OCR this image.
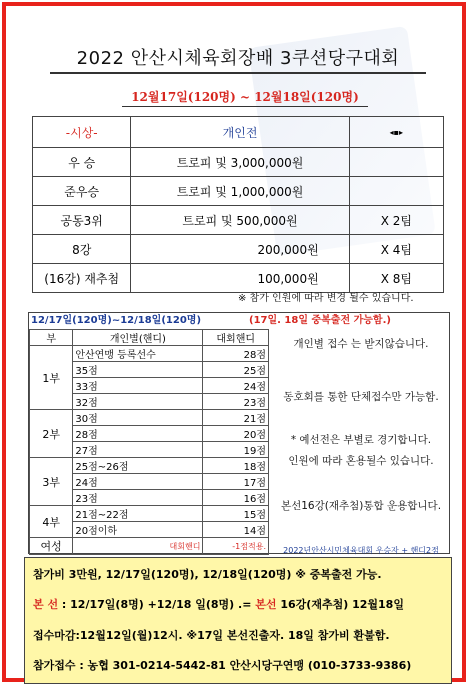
2022 안산시체육회장배 3쿠션당구대회
12월17일(120명) ~ 12월18일(120명)
-시상-	개인전	◂▪▸
우 승	트로피 및 3,000,000원	
준우승	트로피 및 1,000,000원	
공동3위	트로피 및 500,000원	X 2팀
8강	200,000원	X 4팀
(16강) 재추첨	100,000원	X 8팀
※ 참가 인원에 따라 변경 될수 있습니다.
12/17일(120명)~12/18일(120명)	(17일. 18일 중복출전 가능함.)
부	개인별(핸디)	대회핸디
1부	안산연맹 등록선수	28점
	35점	25점
	33점	24점
	32점	23점
2부	30점	21점
	28점	20점
	27점	19점
3부	25점~26점	18점
	24점	17점
	23점	16점
4부	21점~22점	15점
	20점이하	14점
여성	대회핸디	-1점적용.
개인별 접수 는 받지않습니다.
동호회를 통한 단체접수만 가능함.
* 예선전은 부별로 경기합니다.
인원에 따라 혼용될수 있습니다.
본선16강(재추첨)통합 운용합니다.
2022년안산시민체육대회 우승자 + 핸디2점
참가비 3만원, 12/17일(120명), 12/18일(120명) ※ 중복출전 가능.
본 선 : 12/17일(8명) +12/18 일(8명) .= 본선 16강(재추첨) 12월18일
접수마감:12월12일(월)12시. ※17일 본선진출자. 18일 참가비 환불함.
참가접수 : 농협 301-0214-5442-81 안산시당구연맹 (010-3733-9386)
